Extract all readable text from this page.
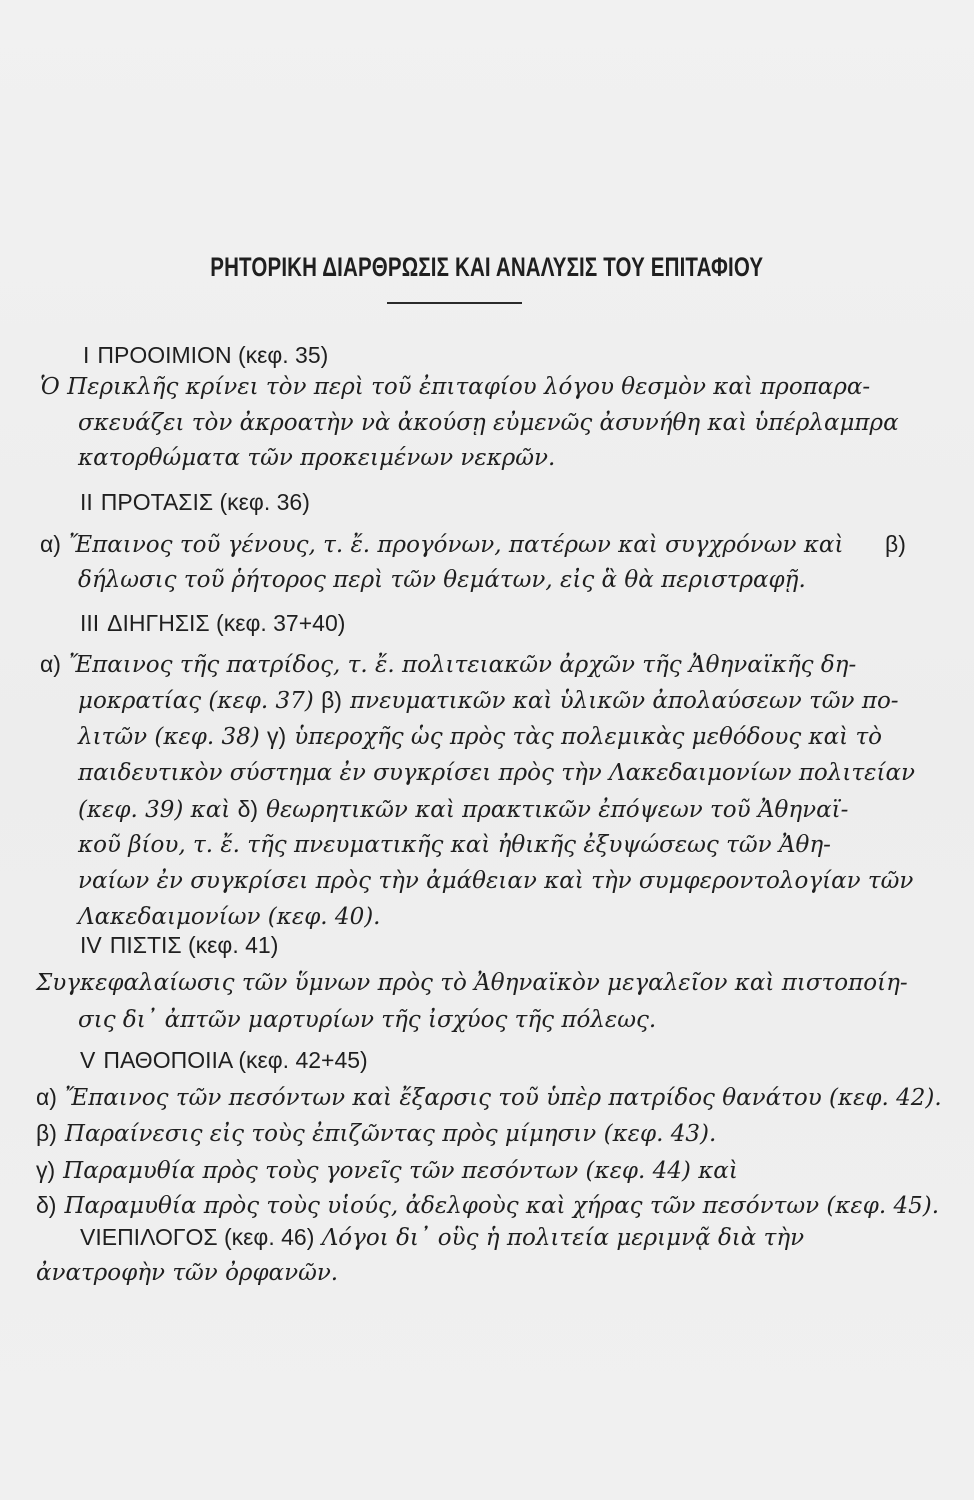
ΡΗΤΟΡΙΚΗ ΔΙΑΡΘΡΩΣΙΣ ΚΑΙ ΑΝΑΛΥΣΙΣ ΤΟΥ ΕΠΙΤΑΦΙΟΥ
I ΠΡΟΟΙΜΙΟΝ (κεφ. 35)
Ὁ Περικλῆς κρίνει τὸν περὶ τοῦ ἐπιταφίου λόγου θεσμὸν καὶ προπαρα-
σκευάζει τὸν ἀκροατὴν νὰ ἀκούσῃ εὐμενῶς ἀσυνήθη καὶ ὑπέρλαμπρα
κατορθώματα τῶν προκειμένων νεκρῶν.
II ΠΡΟΤΑΣΙΣ (κεφ. 36)
α) Ἔπαινος τοῦ γένους, τ. ἔ. προγόνων, πατέρων καὶ συγχρόνων καὶ β)
δήλωσις τοῦ ῥήτορος περὶ τῶν θεμάτων, εἰς ἃ θὰ περιστραφῇ.
III ΔΙΗΓΗΣΙΣ (κεφ. 37+40)
α) Ἔπαινος τῆς πατρίδος, τ. ἔ. πολιτειακῶν ἀρχῶν τῆς Ἀθηναϊκῆς δη-
μοκρατίας (κεφ. 37) β) πνευματικῶν καὶ ὑλικῶν ἀπολαύσεων τῶν πο-
λιτῶν (κεφ. 38) γ) ὑπεροχῆς ὡς πρὸς τὰς πολεμικὰς μεθόδους καὶ τὸ
παιδευτικὸν σύστημα ἐν συγκρίσει πρὸς τὴν Λακεδαιμονίων πολιτείαν
(κεφ. 39) καὶ δ) θεωρητικῶν καὶ πρακτικῶν ἐπόψεων τοῦ Ἀθηναϊ-
κοῦ βίου, τ. ἔ. τῆς πνευματικῆς καὶ ἠθικῆς ἐξυψώσεως τῶν Ἀθη-
ναίων ἐν συγκρίσει πρὸς τὴν ἀμάθειαν καὶ τὴν συμφεροντολογίαν τῶν
Λακεδαιμονίων (κεφ. 40).
IV ΠΙΣΤΙΣ (κεφ. 41)
Συγκεφαλαίωσις τῶν ὕμνων πρὸς τὸ Ἀθηναϊκὸν μεγαλεῖον καὶ πιστοποίη-
σις δι᾽ ἀπτῶν μαρτυρίων τῆς ἰσχύος τῆς πόλεως.
V ΠΑΘΟΠΟΙΙΑ (κεφ. 42+45)
α) Ἔπαινος τῶν πεσόντων καὶ ἔξαρσις τοῦ ὑπὲρ πατρίδος θανάτου (κεφ. 42).
β) Παραίνεσις εἰς τοὺς ἐπιζῶντας πρὸς μίμησιν (κεφ. 43).
γ) Παραμυθία πρὸς τοὺς γονεῖς τῶν πεσόντων (κεφ. 44) καὶ
δ) Παραμυθία πρὸς τοὺς υἱούς, ἀδελφοὺς καὶ χήρας τῶν πεσόντων (κεφ. 45).
VIΕΠΙΛΟΓΟΣ (κεφ. 46) Λόγοι δι᾽ οὓς ἡ πολιτεία μεριμνᾷ διὰ τὴν
ἀνατροφὴν τῶν ὀρφανῶν.
